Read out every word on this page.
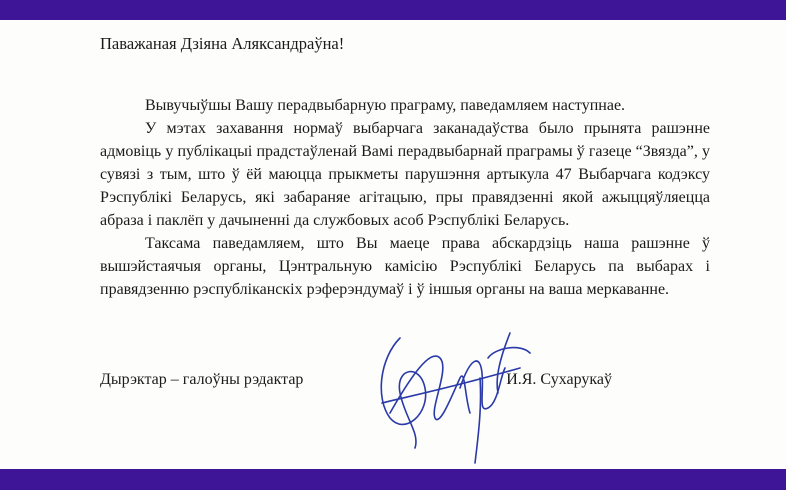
Паважаная Дзіяна Аляксандраўна!

Вывучыўшы Вашу перадвыбарную праграму, паведамляем наступнае.

У мэтах захавання нормаў выбарчага заканадаўства было прынята рашэнне адмовіць у публікацыі прадстаўленай Вамі перадвыбарнай праграмы ў газеце “Звязда”, у сувязі з тым, што ў ёй маюцца прыкметы парушэння артыкула 47 Выбарчага кодэксу Рэспублікі Беларусь, які забараняе агітацыю, пры правядзенні якой ажыццяўляецца абраза і паклёп у дачыненні да службовых асоб Рэспублікі Беларусь.

Таксама паведамляем, што Вы маеце права абскардзіць наша рашэнне ў вышэйстаячыя органы, Цэнтральную камісію Рэспублікі Беларусь па выбарах і правядзенню рэспубліканскіх рэферэндумаў і ў іншыя органы на ваша меркаванне.

Дырэктар – галоўны рэдактар	И.Я. Сухарукаў
